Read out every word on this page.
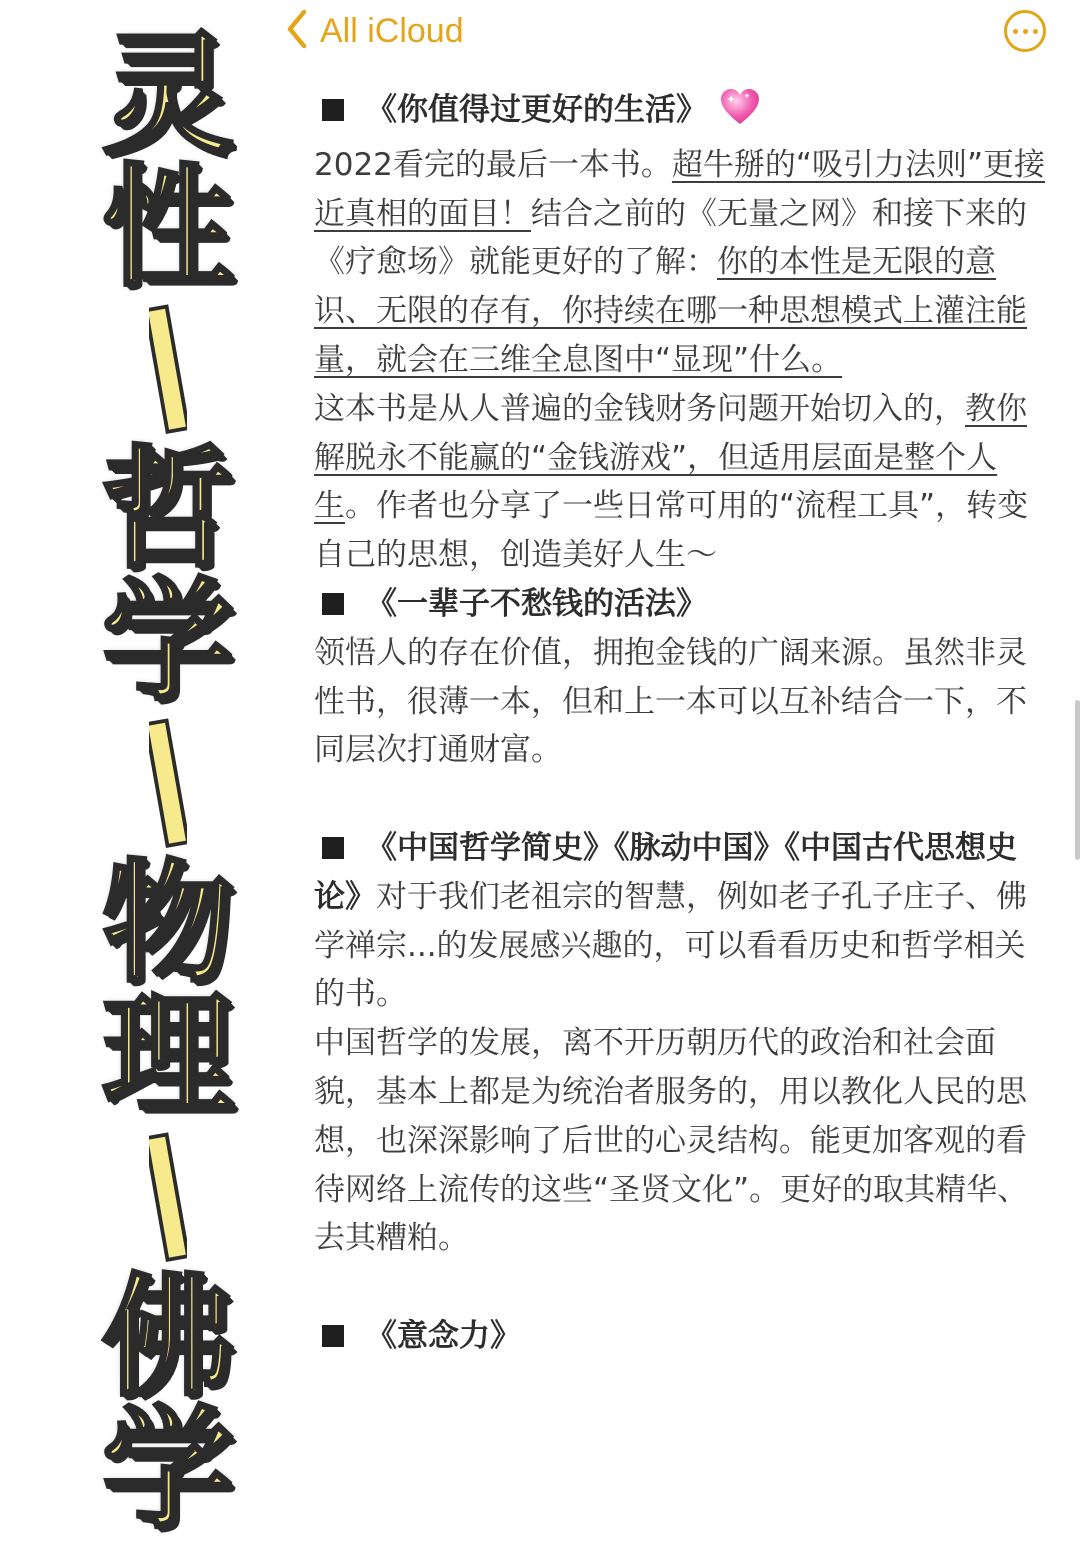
灵
性
哲
学
物
理
佛
学
All iCloud

《你值得过更好的生活》

2022看完的最后一本书。超牛掰的“吸引力法则”更接近真相的面目！结合之前的《无量之网》和接下来的《疗愈场》就能更好的了解：你的本性是无限的意识、无限的存有，你持续在哪一种思想模式上灌注能量，就会在三维全息图中“显现”什么。

这本书是从人普遍的金钱财务问题开始切入的，教你解脱永不能赢的“金钱游戏”，但适用层面是整个人生。作者也分享了一些日常可用的“流程工具”，转变自己的思想，创造美好人生～

《一辈子不愁钱的活法》

领悟人的存在价值，拥抱金钱的广阔来源。虽然非灵性书，很薄一本，但和上一本可以互补结合一下，不同层次打通财富。

《中国哲学简史》《脉动中国》《中国古代思想史论》对于我们老祖宗的智慧，例如老子孔子庄子、佛学禅宗...的发展感兴趣的，可以看看历史和哲学相关的书。

中国哲学的发展，离不开历朝历代的政治和社会面貌，基本上都是为统治者服务的，用以教化人民的思想，也深深影响了后世的心灵结构。能更加客观的看待网络上流传的这些“圣贤文化”。更好的取其精华、去其糟粕。

《意念力》
